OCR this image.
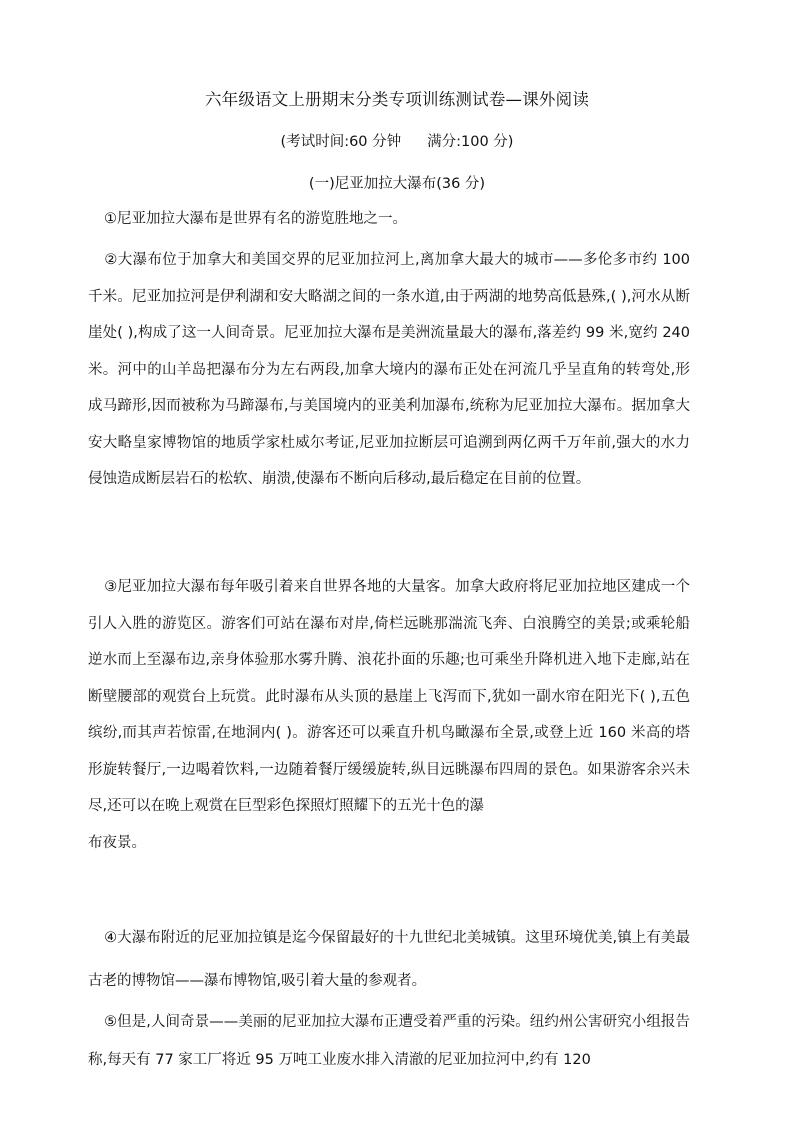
六年级语文上册期末分类专项训练测试卷—课外阅读
(考试时间:60 分钟 满分:100 分)
(一)尼亚加拉大瀑布(36 分)

①尼亚加拉大瀑布是世界有名的游览胜地之一。

②大瀑布位于加拿大和美国交界的尼亚加拉河上,离加拿大最大的城市——多伦多市约 100 千米。尼亚加拉河是伊利湖和安大略湖之间的一条水道,由于两湖的地势高低悬殊,( ),河水从断崖处( ),构成了这一人间奇景。尼亚加拉大瀑布是美洲流量最大的瀑布,落差约 99 米,宽约 240 米。河中的山羊岛把瀑布分为左右两段,加拿大境内的瀑布正处在河流几乎呈直角的转弯处,形成马蹄形,因而被称为马蹄瀑布,与美国境内的亚美利加瀑布,统称为尼亚加拉大瀑布。据加拿大安大略皇家博物馆的地质学家杜威尔考证,尼亚加拉断层可追溯到两亿两千万年前,强大的水力侵蚀造成断层岩石的松软、崩溃,使瀑布不断向后移动,最后稳定在目前的位置。

③尼亚加拉大瀑布每年吸引着来自世界各地的大量客。加拿大政府将尼亚加拉地区建成一个引人入胜的游览区。游客们可站在瀑布对岸,倚栏远眺那湍流飞奔、白浪腾空的美景;或乘轮船逆水而上至瀑布边,亲身体验那水雾升腾、浪花扑面的乐趣;也可乘坐升降机进入地下走廊,站在断壁腰部的观赏台上玩赏。此时瀑布从头顶的悬崖上飞泻而下,犹如一副水帘在阳光下( ),五色缤纷,而其声若惊雷,在地洞内( )。游客还可以乘直升机鸟瞰瀑布全景,或登上近 160 米高的塔形旋转餐厅,一边喝着饮料,一边随着餐厅缓缓旋转,纵目远眺瀑布四周的景色。如果游客余兴未尽,还可以在晚上观赏在巨型彩色探照灯照耀下的五光十色的瀑
布夜景。

④大瀑布附近的尼亚加拉镇是迄今保留最好的十九世纪北美城镇。这里环境优美,镇上有美最古老的博物馆——瀑布博物馆,吸引着大量的参观者。

⑤但是,人间奇景——美丽的尼亚加拉大瀑布正遭受着严重的污染。纽约州公害研究小组报告称,每天有 77 家工厂将近 95 万吨工业废水排入清澈的尼亚加拉河中,约有 120
